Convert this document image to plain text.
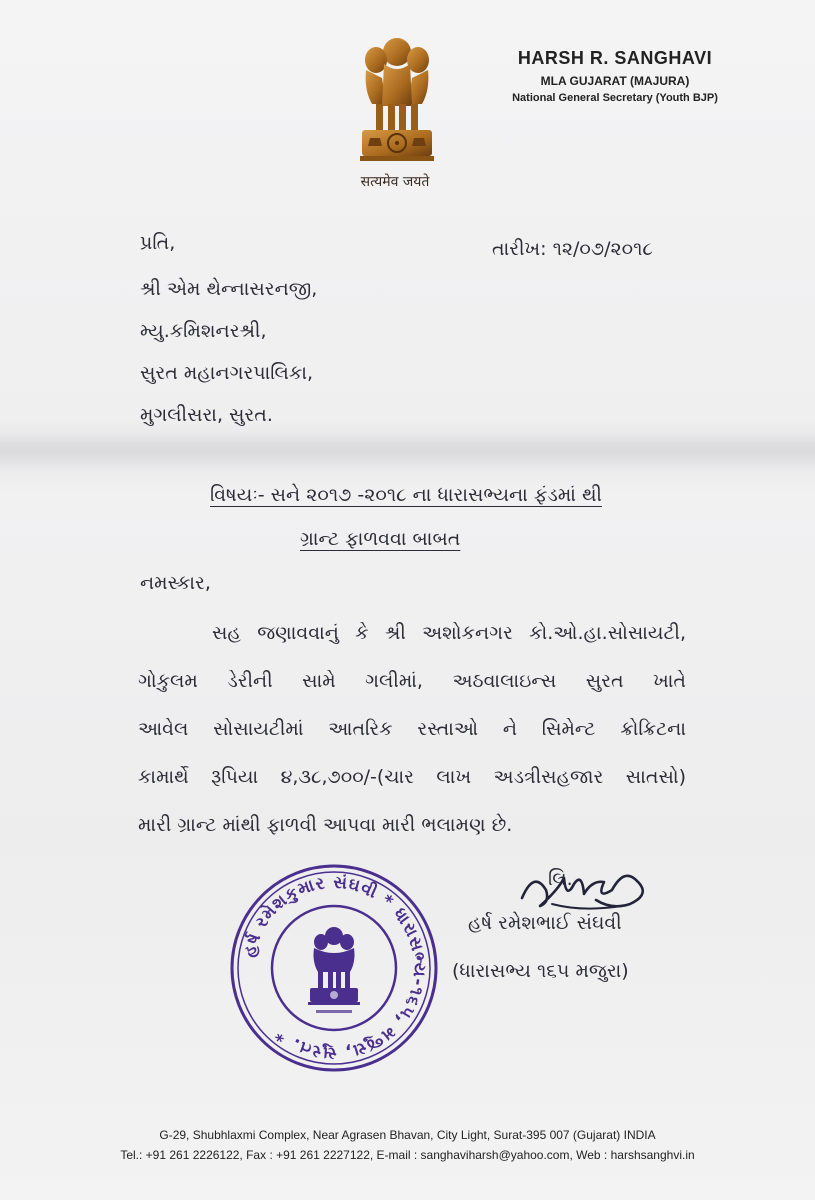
सत्यमेव जयते
HARSH R. SANGHAVI
MLA GUJARAT (MAJURA)
National General Secretary (Youth BJP)
પ્રતિ,	તારીખ: ૧૨/૦૭/૨૦૧૮
શ્રી એમ થેન્નાસરનજી,
મ્યુ.કમિશનરશ્રી,
સુરત મહાનગરપાલિકા,
મુગલીસરા, સુરત.
વિષયઃ- સને ૨૦૧૭ -૨૦૧૮ ના ધારાસભ્યના ફંડમાં થી
ગ્રાન્ટ ફાળવવા બાબત
નમસ્કાર,
સહ જણાવવાનું કે શ્રી અશોકનગર કો.ઓ.હા.સોસાયટી,
ગોકુલમ ડેરીની સામે ગલીમાં, અઠવાલાઇન્સ સુરત ખાતે
આવેલ સોસાયટીમાં આતરિક રસ્તાઓ ને સિમેન્ટ ક્રોક્રિટના
કામાર્થે રૂપિયા ૪,૩૮,૭૦૦/-(ચાર લાખ અડત્રીસહજાર સાતસો)
મારી ગ્રાન્ટ માંથી ફાળવી આપવા મારી ભલામણ છે.
લિ.
હર્ષ રમેશભાઈ સંઘવી
(ધારાસભ્ય ૧૬૫ મજુરા)
હર્ષ રમેશકુમાર સંઘવી * ધારાસભ્ય-૧૬૫, મજુરા, સુરત. *
G-29, Shubhlaxmi Complex, Near Agrasen Bhavan, City Light, Surat-395 007 (Gujarat) INDIA
Tel.: +91 261 2226122, Fax : +91 261 2227122, E-mail : sanghaviharsh@yahoo.com, Web : harshsanghvi.in
